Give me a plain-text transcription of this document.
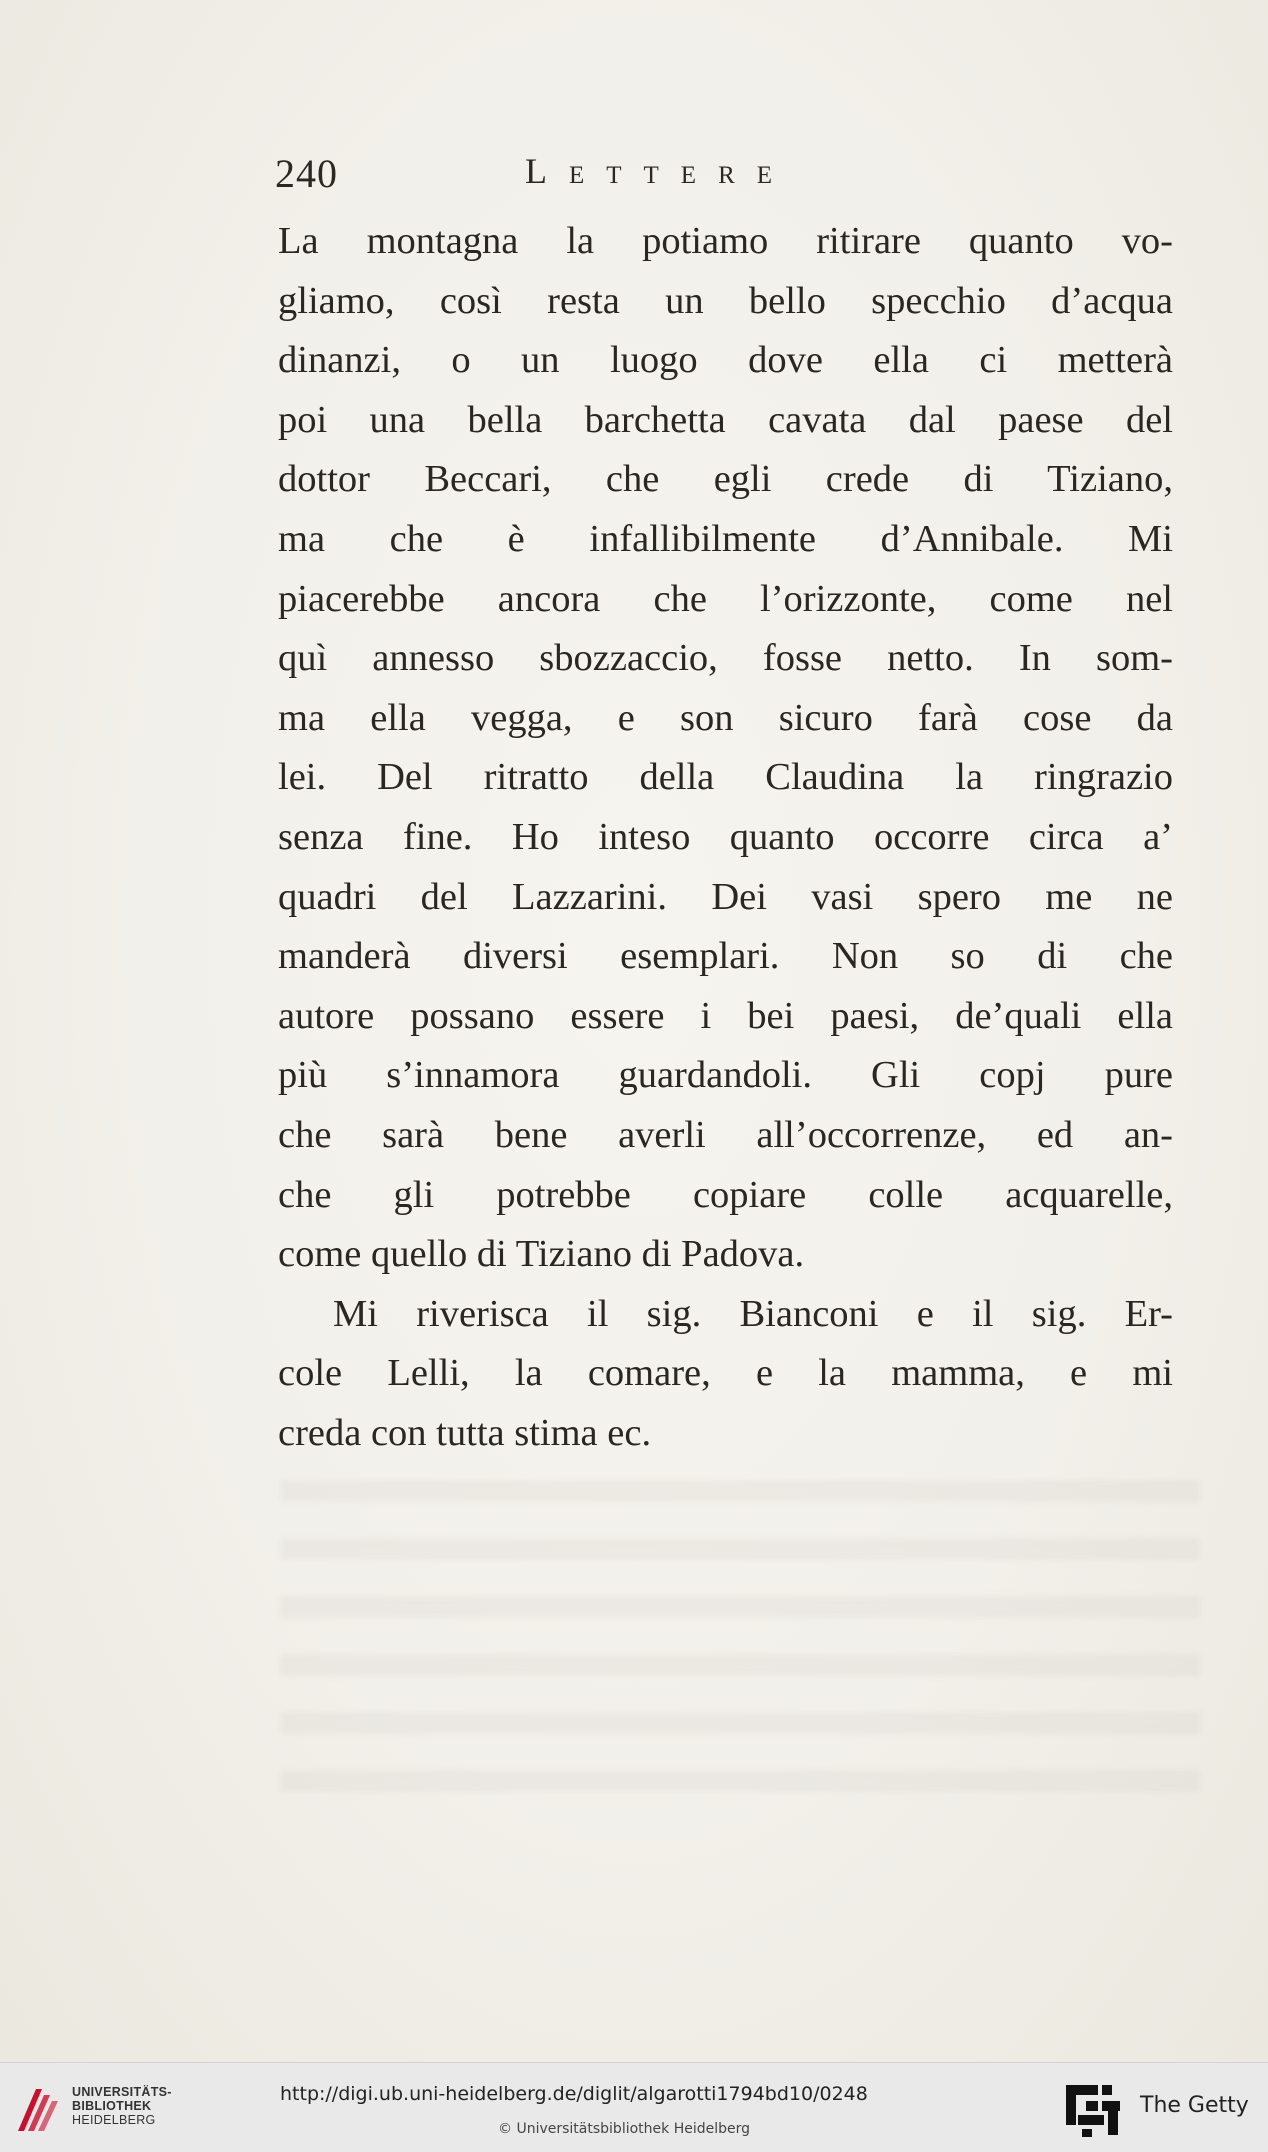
240	Lettere
La montagna la potiamo ritirare quanto vo-
gliamo, così resta un bello specchio d’acqua
dinanzi, o un luogo dove ella ci metterà
poi una bella barchetta cavata dal paese del
dottor Beccari, che egli crede di Tiziano,
ma che è infallibilmente d’Annibale. Mi
piacerebbe ancora che l’orizzonte, come nel
quì annesso sbozzaccio, fosse netto. In som-
ma ella vegga, e son sicuro farà cose da
lei. Del ritratto della Claudina la ringrazio
senza fine. Ho inteso quanto occorre circa a’
quadri del Lazzarini. Dei vasi spero me ne
manderà diversi esemplari. Non so di che
autore possano essere i bei paesi, de’quali ella
più s’innamora guardandoli. Gli copj pure
che sarà bene averli all’occorrenze, ed an-
che gli potrebbe copiare colle acquarelle,
come quello di Tiziano di Padova.
Mi riverisca il sig. Bianconi e il sig. Er-
cole Lelli, la comare, e la mamma, e mi
creda con tutta stima ec.
UNIVERSITÄTS-
BIBLIOTHEK
HEIDELBERG
http://digi.ub.uni-heidelberg.de/diglit/algarotti1794bd10/0248
© Universitätsbibliothek Heidelberg
The Getty
